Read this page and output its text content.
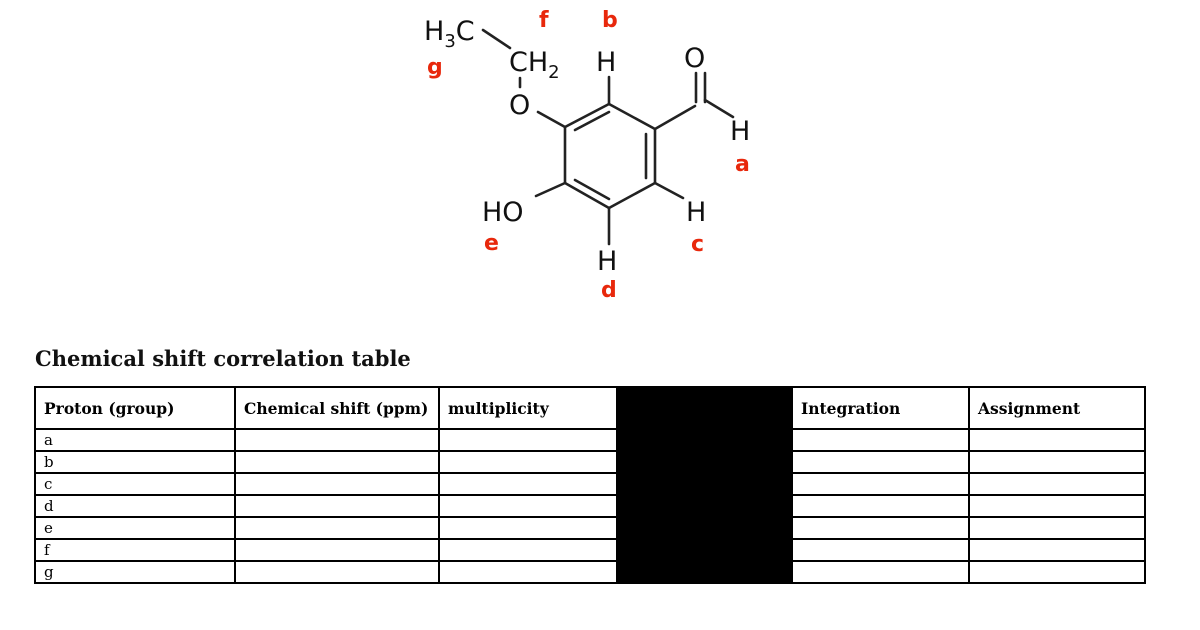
$H_3C$
$CH_2$
O
H	O
H
HO	H
H
a
b
c
d
e
f
g
Chemical shift correlation table
Proton (group)	Chemical shift (ppm)	multiplicity		Integration	Assignment
a					
b					
c					
d					
e					
f					
g					
